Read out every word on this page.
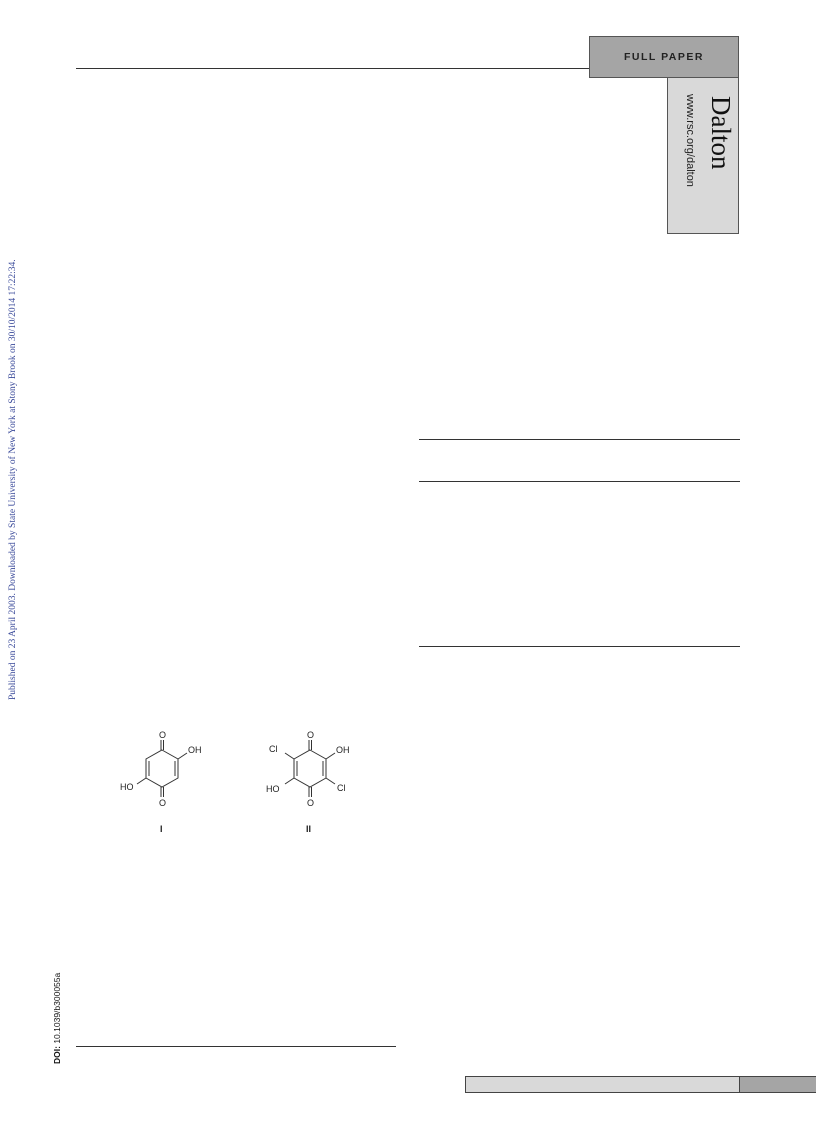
Published on 23 April 2003. Downloaded by State University of New York at Stony Brook on 30/10/2014 17:22:34.
DOI: 10.1039/b300055a
FULL PAPER
Dalton
www.rsc.org/dalton
O
OH
HO
O
I
Cl
O
OH
HO
O
Cl
II
